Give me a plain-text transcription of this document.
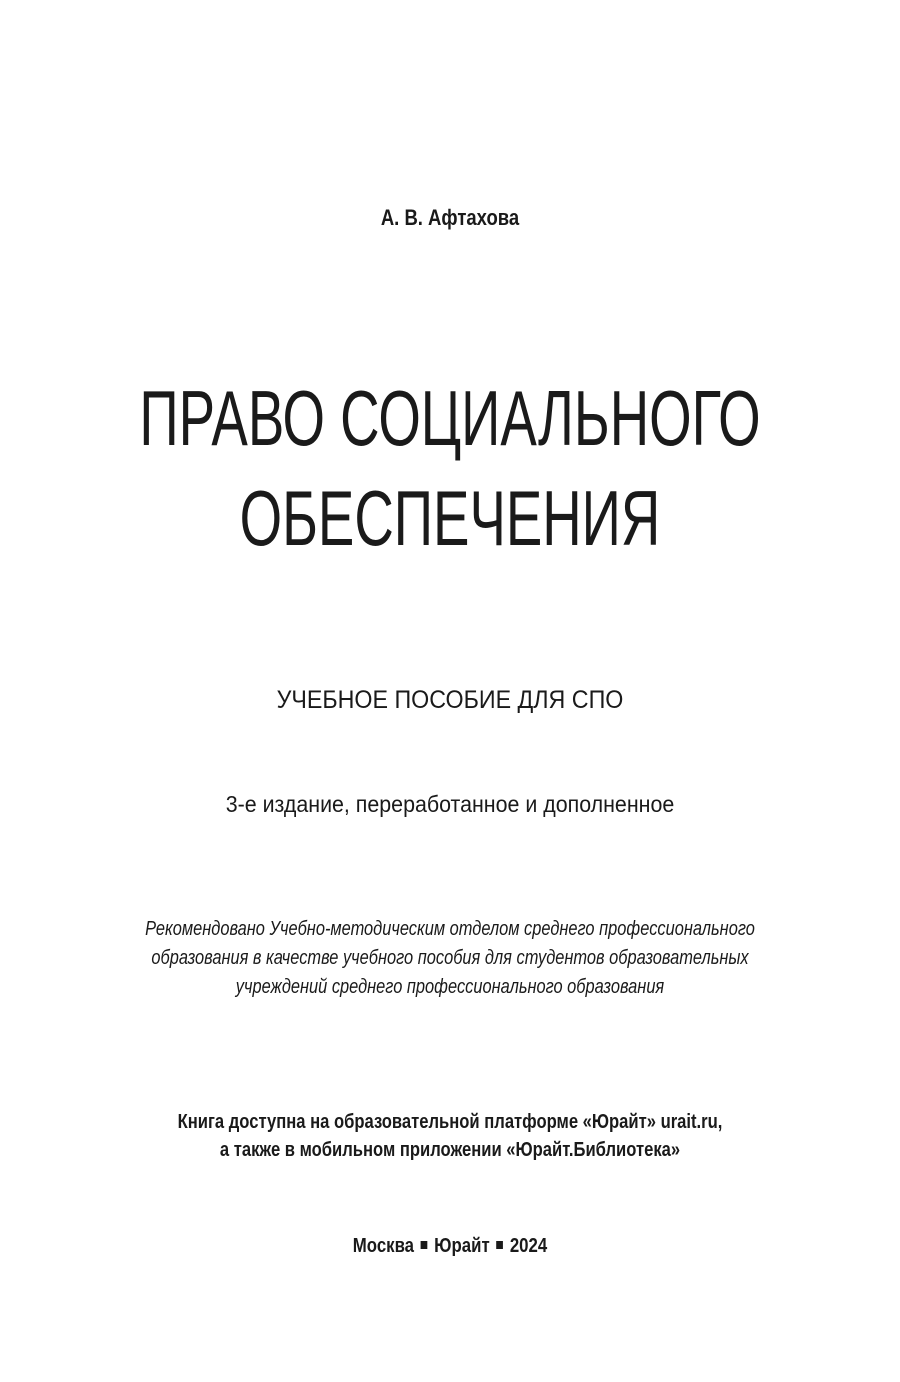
А. В. Афтахова
ПРАВО СОЦИАЛЬНОГО
ОБЕСПЕЧЕНИЯ
УЧЕБНОЕ ПОСОБИЕ ДЛЯ СПО
3-е издание, переработанное и дополненное
Рекомендовано Учебно-методическим отделом среднего профессионального
образования в качестве учебного пособия для студентов образовательных
учреждений среднего профессионального образования
Книга доступна на образовательной платформе «Юрайт» urait.ru,
а также в мобильном приложении «Юрайт.Библиотека»
Москва Юрайт 2024
